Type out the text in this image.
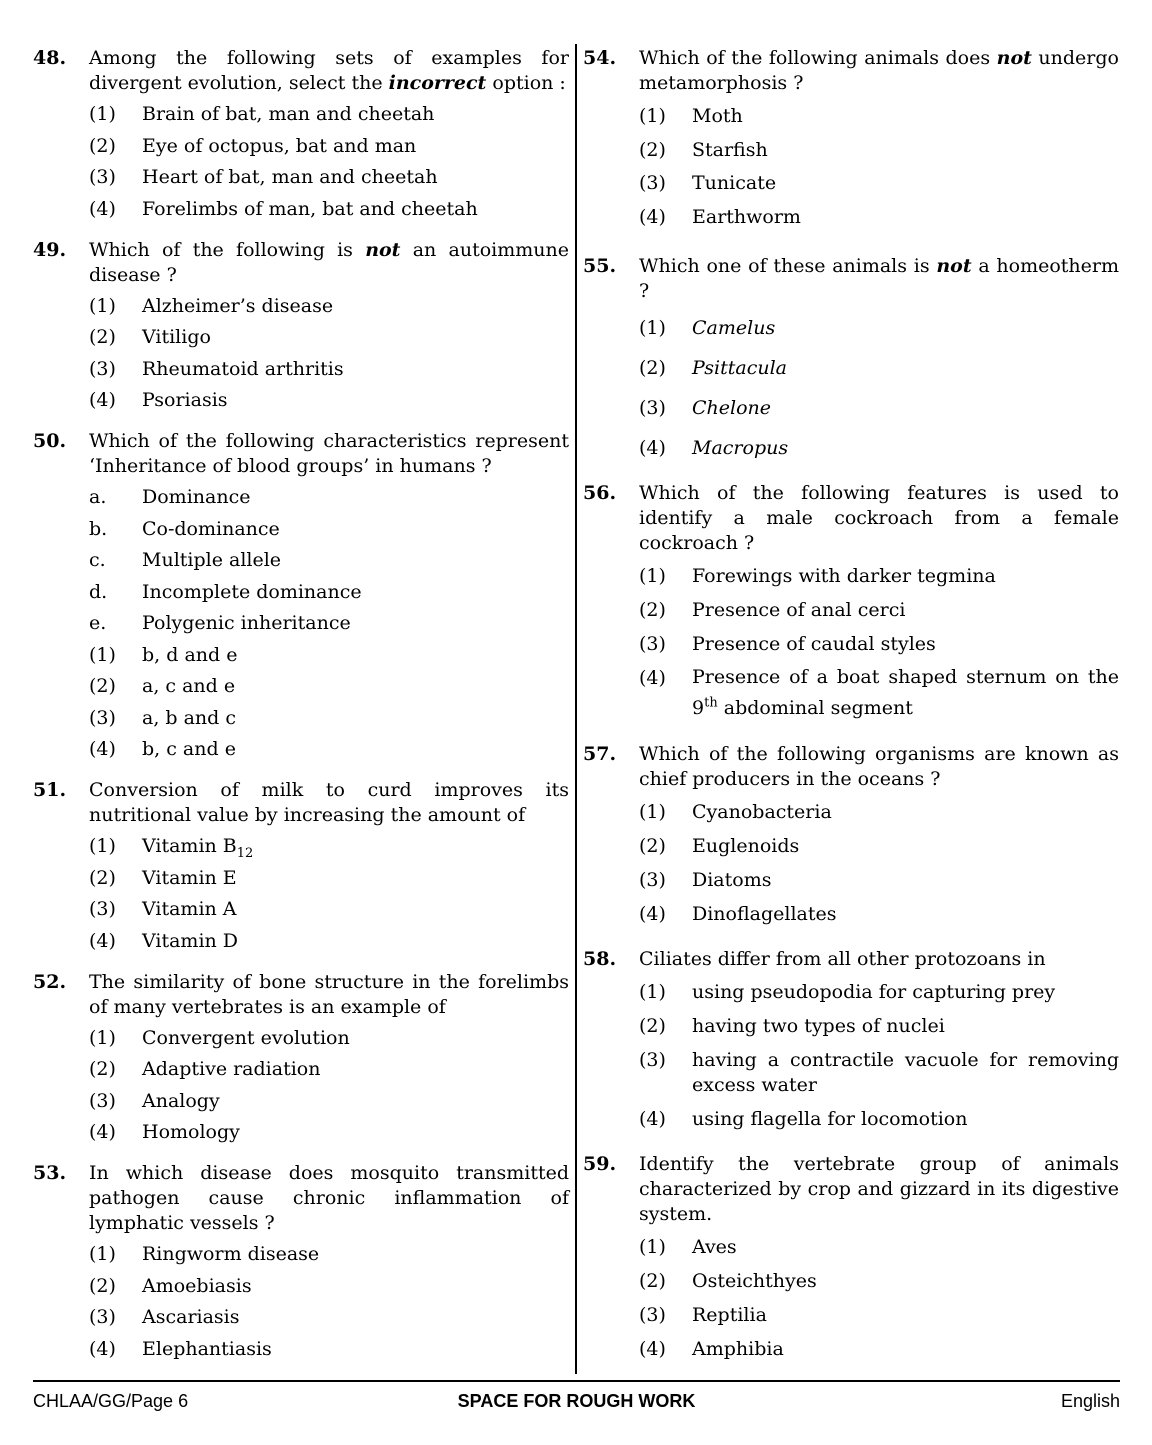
48.	Among the following sets of examples for divergent evolution, select the incorrect option :
(1)	Brain of bat, man and cheetah
(2)	Eye of octopus, bat and man
(3)	Heart of bat, man and cheetah
(4)	Forelimbs of man, bat and cheetah
49.	Which of the following is not an autoimmune disease ?
(1)	Alzheimer’s disease
(2)	Vitiligo
(3)	Rheumatoid arthritis
(4)	Psoriasis
50.	Which of the following characteristics represent ‘Inheritance of blood groups’ in humans ?
a.	Dominance
b.	Co-dominance
c.	Multiple allele
d.	Incomplete dominance
e.	Polygenic inheritance
(1)	b, d and e
(2)	a, c and e
(3)	a, b and c
(4)	b, c and e
51.	Conversion of milk to curd improves its nutritional value by increasing the amount of
(1)	Vitamin $B_{12}$
(2)	Vitamin E
(3)	Vitamin A
(4)	Vitamin D
52.	The similarity of bone structure in the forelimbs of many vertebrates is an example of
(1)	Convergent evolution
(2)	Adaptive radiation
(3)	Analogy
(4)	Homology
53.	In which disease does mosquito transmitted pathogen cause chronic inflammation of lymphatic vessels ?
(1)	Ringworm disease
(2)	Amoebiasis
(3)	Ascariasis
(4)	Elephantiasis
54.	Which of the following animals does not undergo metamorphosis ?
(1)	Moth
(2)	Starfish
(3)	Tunicate
(4)	Earthworm
55.	Which one of these animals is not a homeotherm ?
(1)	Camelus
(2)	Psittacula
(3)	Chelone
(4)	Macropus
56.	Which of the following features is used to identify a male cockroach from a female cockroach ?
(1)	Forewings with darker tegmina
(2)	Presence of anal cerci
(3)	Presence of caudal styles
(4)	Presence of a boat shaped sternum on the 9th abdominal segment
57.	Which of the following organisms are known as chief producers in the oceans ?
(1)	Cyanobacteria
(2)	Euglenoids
(3)	Diatoms
(4)	Dinoflagellates
58.	Ciliates differ from all other protozoans in
(1)	using pseudopodia for capturing prey
(2)	having two types of nuclei
(3)	having a contractile vacuole for removing excess water
(4)	using flagella for locomotion
59.	Identify the vertebrate group of animals characterized by crop and gizzard in its digestive system.
(1)	Aves
(2)	Osteichthyes
(3)	Reptilia
(4)	Amphibia
CHLAA/GG/Page 6	SPACE FOR ROUGH WORK	English
